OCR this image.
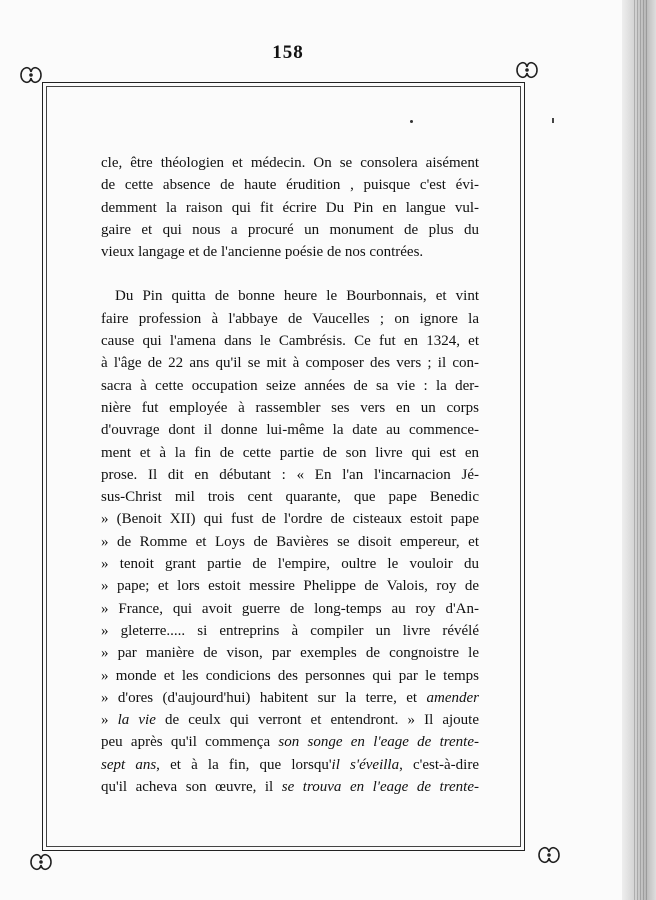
158
cle, être théologien et médecin. On se consolera aisément
de cette absence de haute érudition , puisque c'est évi-
demment la raison qui fit écrire Du Pin en langue vul-
gaire et qui nous a procuré un monument de plus du
vieux langage et de l'ancienne poésie de nos contrées.
Du Pin quitta de bonne heure le Bourbonnais, et vint
faire profession à l'abbaye de Vaucelles ; on ignore la
cause qui l'amena dans le Cambrésis. Ce fut en 1324, et
à l'âge de 22 ans qu'il se mit à composer des vers ; il con-
sacra à cette occupation seize années de sa vie : la der-
nière fut employée à rassembler ses vers en un corps
d'ouvrage dont il donne lui-même la date au commence-
ment et à la fin de cette partie de son livre qui est en
prose. Il dit en débutant : « En l'an l'incarnacion Jé-
sus-Christ mil trois cent quarante, que pape Benedic
» (Benoit XII) qui fust de l'ordre de cisteaux estoit pape
» de Romme et Loys de Bavières se disoit empereur, et
» tenoit grant partie de l'empire, oultre le vouloir du
» pape; et lors estoit messire Phelippe de Valois, roy de
» France, qui avoit guerre de long-temps au roy d'An-
» gleterre..... si entreprins à compiler un livre révélé
» par manière de vison, par exemples de congnoistre le
» monde et les condicions des personnes qui par le temps
» d'ores (d'aujourd'hui) habitent sur la terre, et amender
» la vie de ceulx qui verront et entendront. » Il ajoute
peu après qu'il commença son songe en l'eage de trente-
sept ans, et à la fin, que lorsqu'il s'éveilla, c'est-à-dire
qu'il acheva son œuvre, il se trouva en l'eage de trente-
